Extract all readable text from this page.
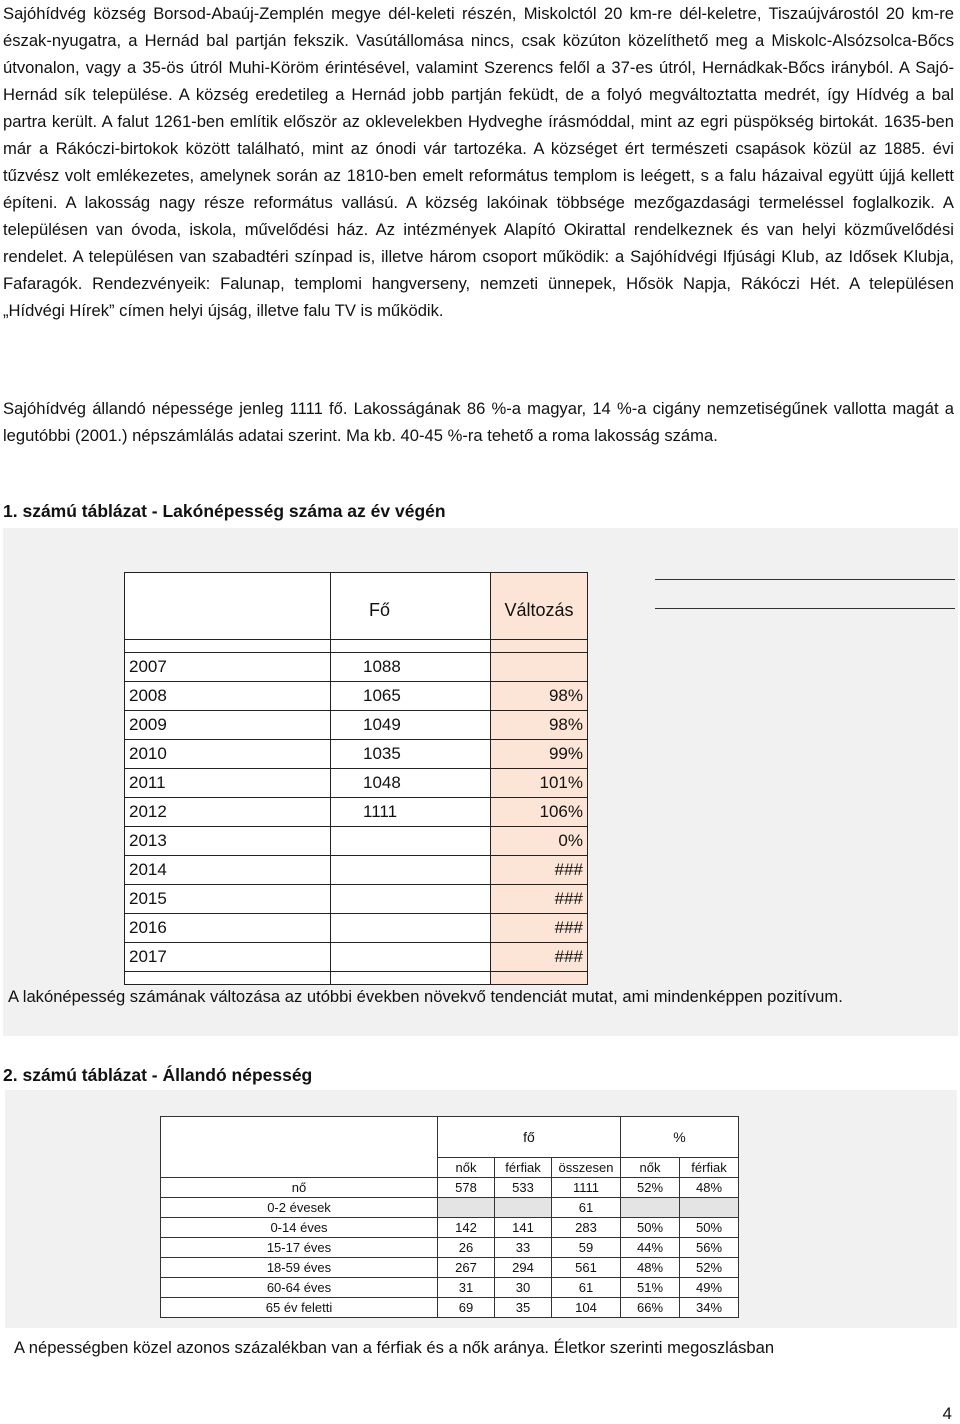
Sajóhídvég község Borsod-Abaúj-Zemplén megye dél-keleti részén, Miskolctól 20 km-re dél-keletre, Tiszaújvárostól 20 km-re észak-nyugatra, a Hernád bal partján fekszik. Vasútállomása nincs, csak közúton közelíthető meg a Miskolc-Alsózsolca-Bőcs útvonalon, vagy a 35-ös útról Muhi-Köröm érintésével, valamint Szerencs felől a 37-es útról, Hernádkak-Bőcs irányból. A Sajó-Hernád sík települése. A község eredetileg a Hernád jobb partján feküdt, de a folyó megváltoztatta medrét, így Hídvég a bal partra került. A falut 1261-ben említik először az oklevelekben Hydveghe írásmóddal, mint az egri püspökség birtokát. 1635-ben már a Rákóczi-birtokok között található, mint az ónodi vár tartozéka. A községet ért természeti csapások közül az 1885. évi tűzvész volt emlékezetes, amelynek során az 1810-ben emelt református templom is leégett, s a falu házaival együtt újjá kellett építeni. A lakosság nagy része református vallású. A község lakóinak többsége mezőgazdasági termeléssel foglalkozik. A településen van óvoda, iskola, művelődési ház. Az intézmények Alapító Okirattal rendelkeznek és van helyi közművelődési rendelet. A településen van szabadtéri színpad is, illetve három csoport működik: a Sajóhídvégi Ifjúsági Klub, az Idősek Klubja, Fafaragók. Rendezvényeik: Falunap, templomi hangverseny, nemzeti ünnepek, Hősök Napja, Rákóczi Hét. A településen „Hídvégi Hírek” címen helyi újság, illetve falu TV is működik.

Sajóhídvég állandó népessége jenleg 1111 fő. Lakosságának 86 %-a magyar, 14 %-a cigány nemzetiségűnek vallotta magát a legutóbbi (2001.) népszámlálás adatai szerint. Ma kb. 40-45 %-ra tehető a roma lakosság száma.

1. számú táblázat - Lakónépesség száma az év végén

	Fő	Változás

2007	1088	
2008	1065	98%
2009	1049	98%
2010	1035	99%
2011	1048	101%
2012	1111	106%
2013		0%
2014		###
2015		###
2016		###
2017		###

A lakónépesség számának változása az utóbbi években növekvő tendenciát mutat, ami mindenképpen pozitívum.

2. számú táblázat - Állandó népesség

	fő			%	
	nők	férfiak	összesen	nők	férfiak
nő	578	533	1111	52%	48%
0-2 évesek			61		
0-14 éves	142	141	283	50%	50%
15-17 éves	26	33	59	44%	56%
18-59 éves	267	294	561	48%	52%
60-64 éves	31	30	61	51%	49%
65 év feletti	69	35	104	66%	34%

A népességben közel azonos százalékban van a férfiak és a nők aránya. Életkor szerinti megoszlásban

4
